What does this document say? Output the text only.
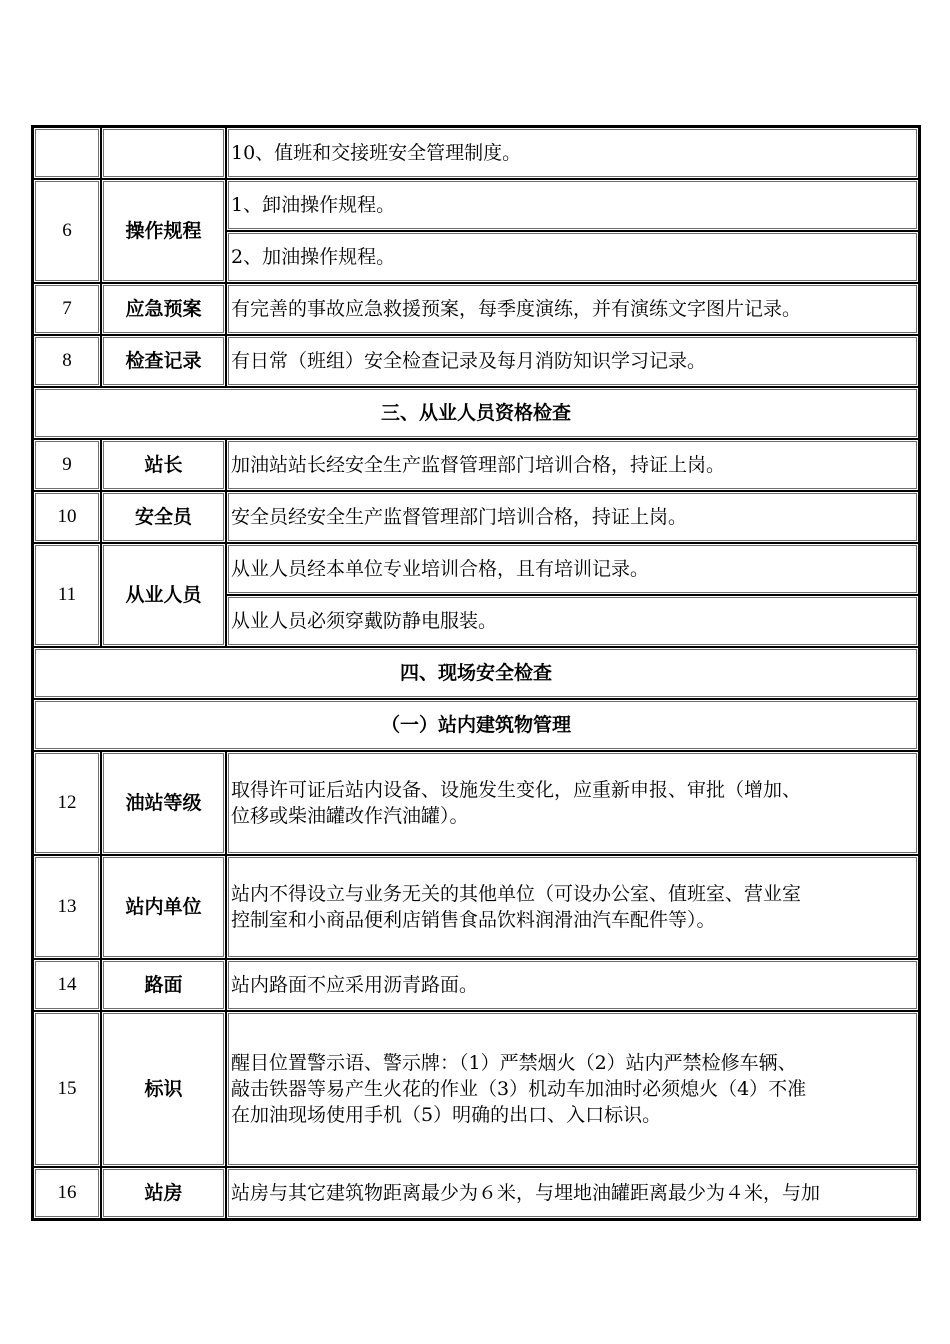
		10、值班和交接班安全管理制度。
6	操作规程	1、卸油操作规程。
		2、加油操作规程。
7	应急预案	有完善的事故应急救援预案，每季度演练，并有演练文字图片记录。
8	检查记录	有日常（班组）安全检查记录及每月消防知识学习记录。
三、从业人员资格检查		
9	站长	加油站站长经安全生产监督管理部门培训合格，持证上岗。
10	安全员	安全员经安全生产监督管理部门培训合格，持证上岗。
11	从业人员	从业人员经本单位专业培训合格，且有培训记录。
		从业人员必须穿戴防静电服装。
四、现场安全检查		
（一）站内建筑物管理		
12	油站等级	取得许可证后站内设备、设施发生变化，应重新申报、审批（增加、
位移或柴油罐改作汽油罐）。

13	站内单位	站内不得设立与业务无关的其他单位（可设办公室、值班室、营业室
控制室和小商品便利店销售食品饮料润滑油汽车配件等）。

14	路面	站内路面不应采用沥青路面。
15	标识	醒目位置警示语、警示牌：（1）严禁烟火（2）站内严禁检修车辆、
敲击铁器等易产生火花的作业（3）机动车加油时必须熄火（4）不准
在加油现场使用手机（5）明确的出口、入口标识。

16	站房	站房与其它建筑物距离最少为６米，与埋地油罐距离最少为４米，与加
